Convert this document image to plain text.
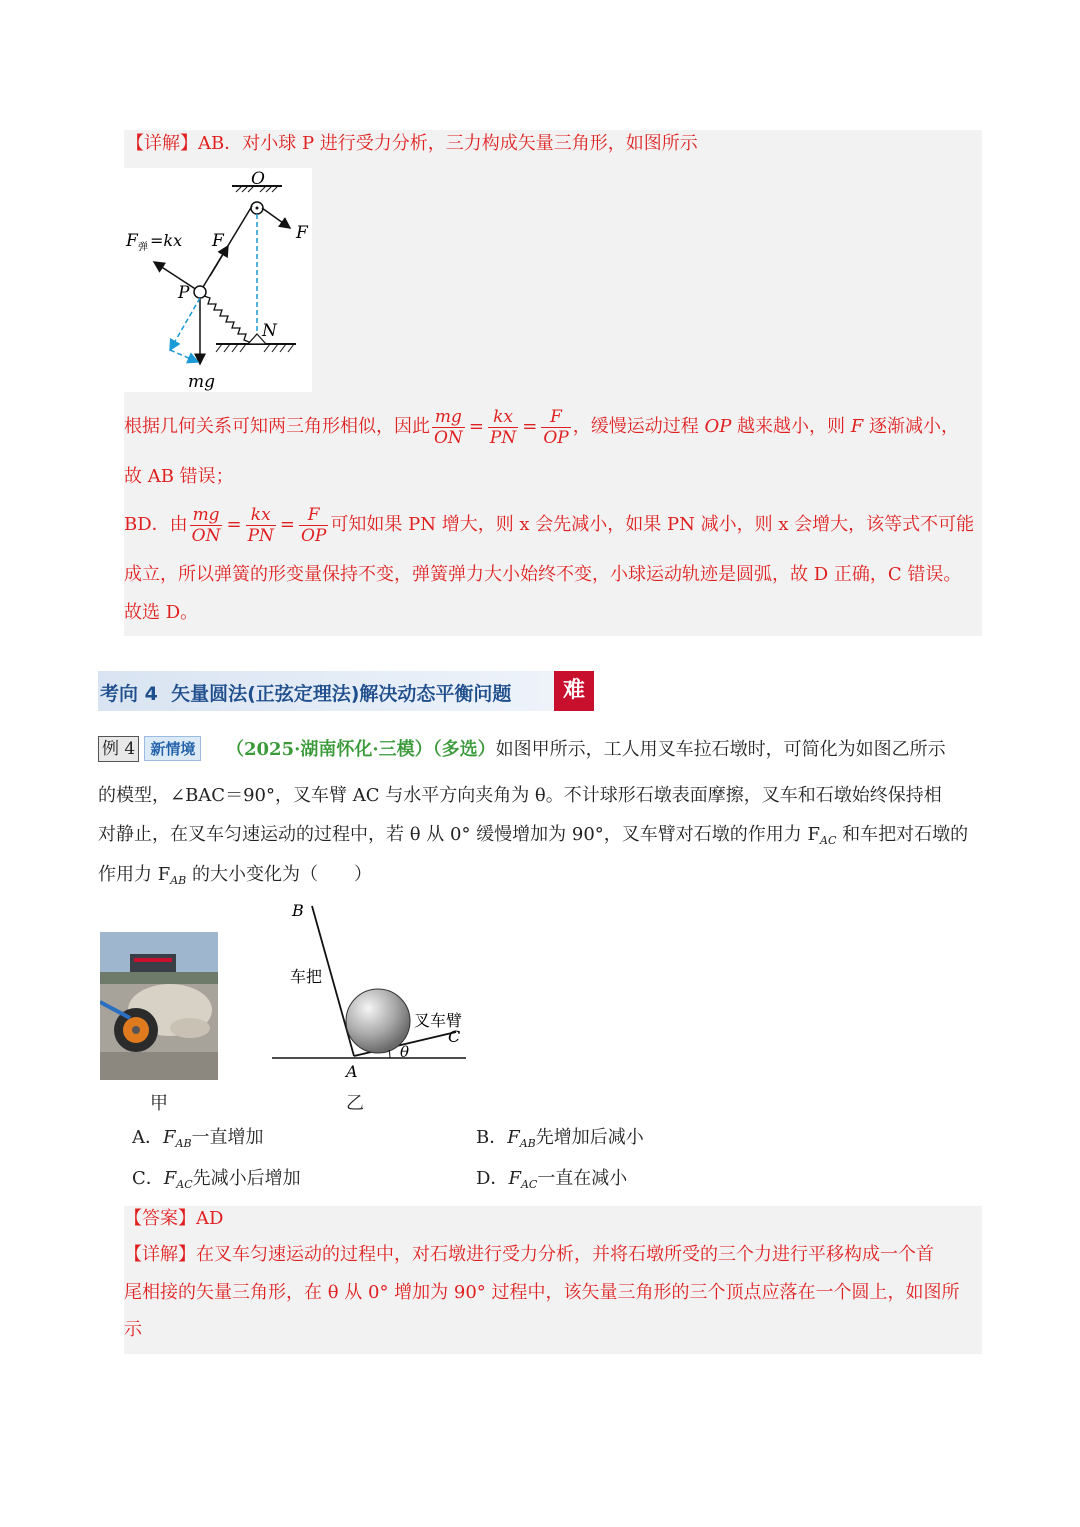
【详解】AB．对小球 P 进行受力分析，三力构成矢量三角形，如图所示
O
F
F
F 弹 =kx
P
N
mg
根据几何关系可知两三角形相似，因此 $\frac{mg}{ON} = \frac{kx}{PN} = \frac{F}{OP}$ ，缓慢运动过程 OP 越来越小，则 F 逐渐减小，
故 AB 错误；
BD．由 $\frac{mg}{ON} = \frac{kx}{PN} = \frac{F}{OP}$ 可知如果 PN 增大，则 x 会先减小，如果 PN 减小，则 x 会增大，该等式不可能
成立，所以弹簧的形变量保持不变，弹簧弹力大小始终不变，小球运动轨迹是圆弧，故 D 正确，C 错误。
故选 D。
考向 4  矢量圆法(正弦定理法)解决动态平衡问题	难
例 4 新情境	（2025·湖南怀化·三模）（多选）如图甲所示，工人用叉车拉石墩时，可简化为如图乙所示
的模型，∠BAC＝90°，叉车臂 AC 与水平方向夹角为 θ。不计球形石墩表面摩擦，叉车和石墩始终保持相
对静止，在叉车匀速运动的过程中，若 θ 从 0° 缓慢增加为 90°，叉车臂对石墩的作用力 $F_{AC}$ 和车把对石墩的
作用力 $F_{AB}$ 的大小变化为（　　）
甲
B
A
C
θ
车把
叉车臂
乙
A．$F_{AB}$一直增加	B．$F_{AB}$先增加后减小
C．$F_{AC}$先减小后增加	D．$F_{AC}$一直在减小
【答案】AD
【详解】在叉车匀速运动的过程中，对石墩进行受力分析，并将石墩所受的三个力进行平移构成一个首
尾相接的矢量三角形，在 θ 从 0° 增加为 90° 过程中，该矢量三角形的三个顶点应落在一个圆上，如图所
示
